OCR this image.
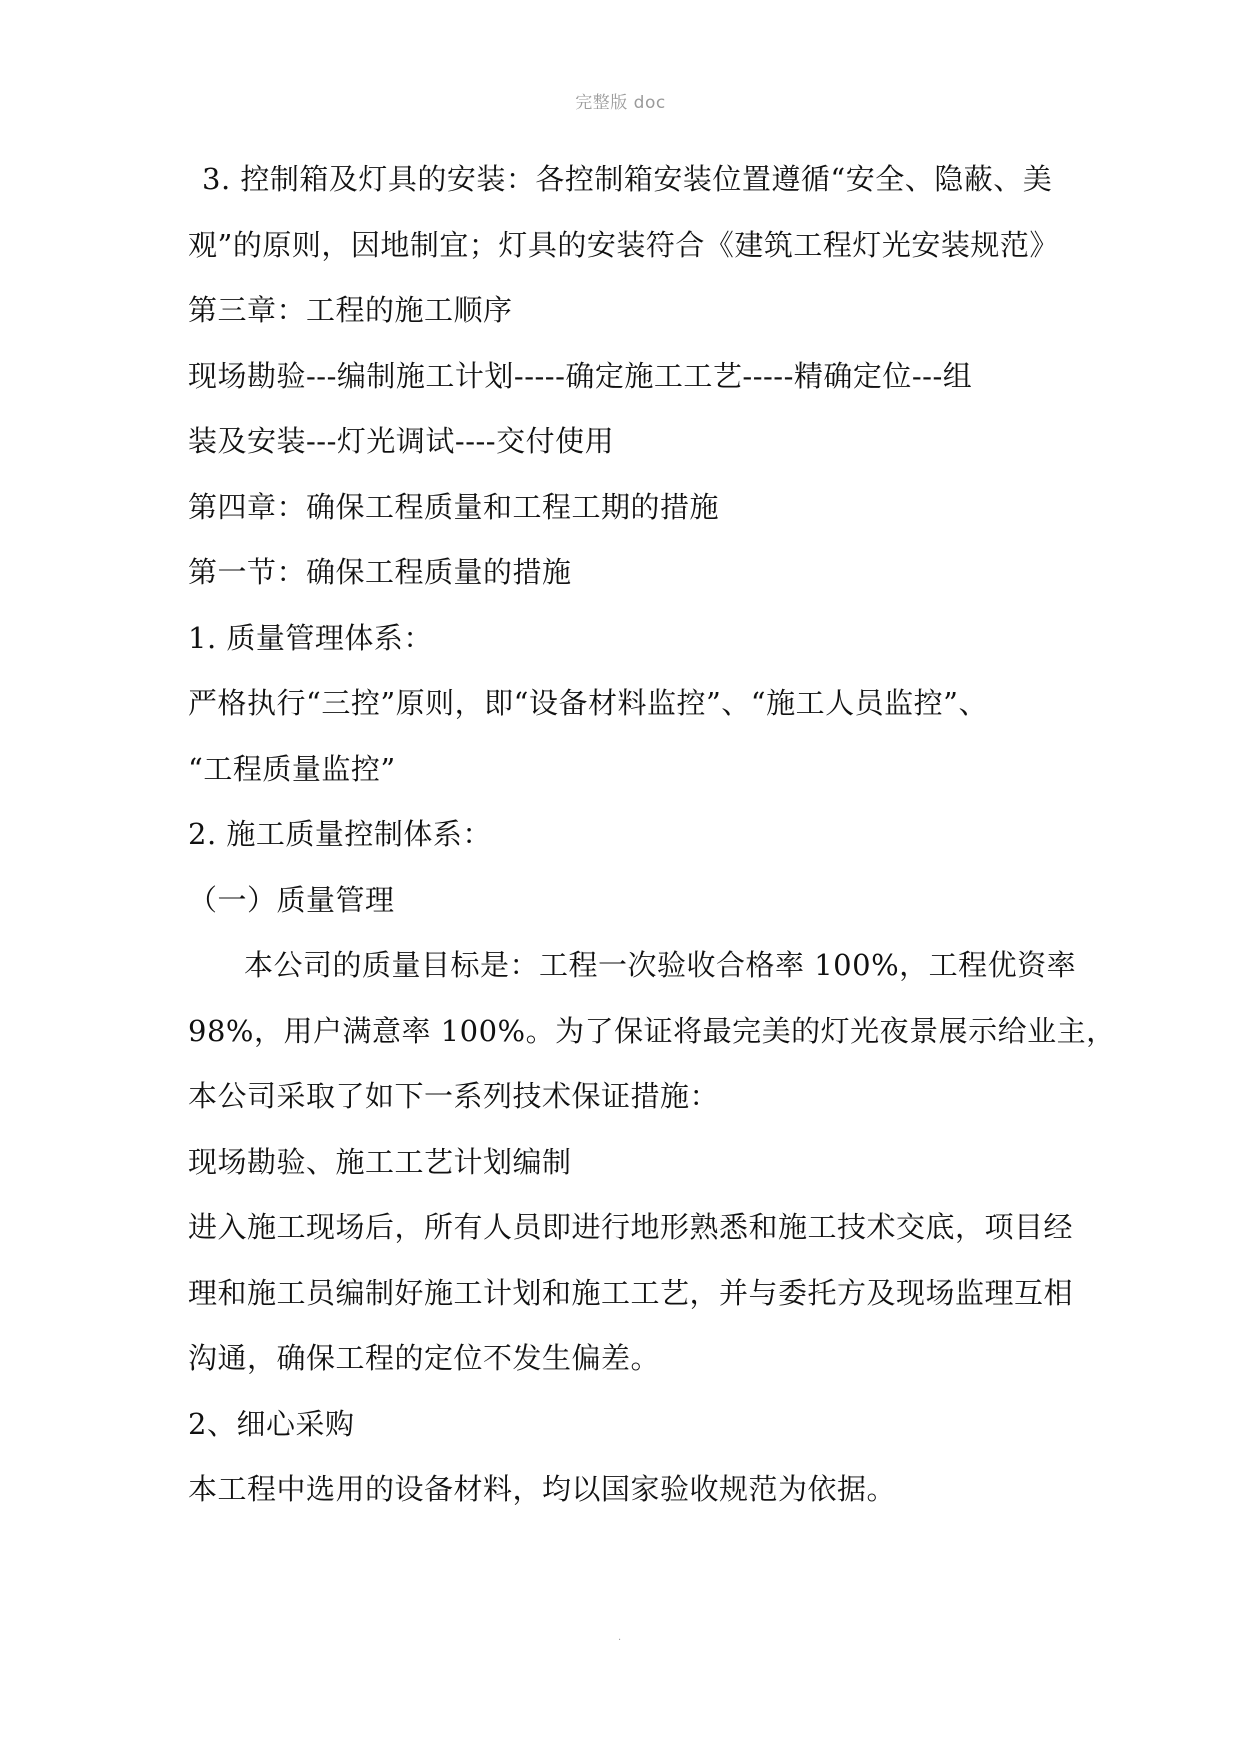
完整版 doc
3. 控制箱及灯具的安装：各控制箱安装位置遵循“安全、隐蔽、美
观”的原则，因地制宜；灯具的安装符合《建筑工程灯光安装规范》
第三章：工程的施工顺序
现场勘验---编制施工计划-----确定施工工艺-----精确定位---组
装及安装---灯光调试----交付使用
第四章：确保工程质量和工程工期的措施
第一节：确保工程质量的措施
1. 质量管理体系：
严格执行“三控”原则，即“设备材料监控”、“施工人员监控”、
“工程质量监控”
2. 施工质量控制体系：
（一）质量管理
本公司的质量目标是：工程一次验收合格率 100%，工程优资率
98%，用户满意率 100%。为了保证将最完美的灯光夜景展示给业主，
本公司采取了如下一系列技术保证措施：
现场勘验、施工工艺计划编制
进入施工现场后，所有人员即进行地形熟悉和施工技术交底，项目经
理和施工员编制好施工计划和施工工艺，并与委托方及现场监理互相
沟通，确保工程的定位不发生偏差。
2、细心采购
本工程中选用的设备材料，均以国家验收规范为依据。
.
